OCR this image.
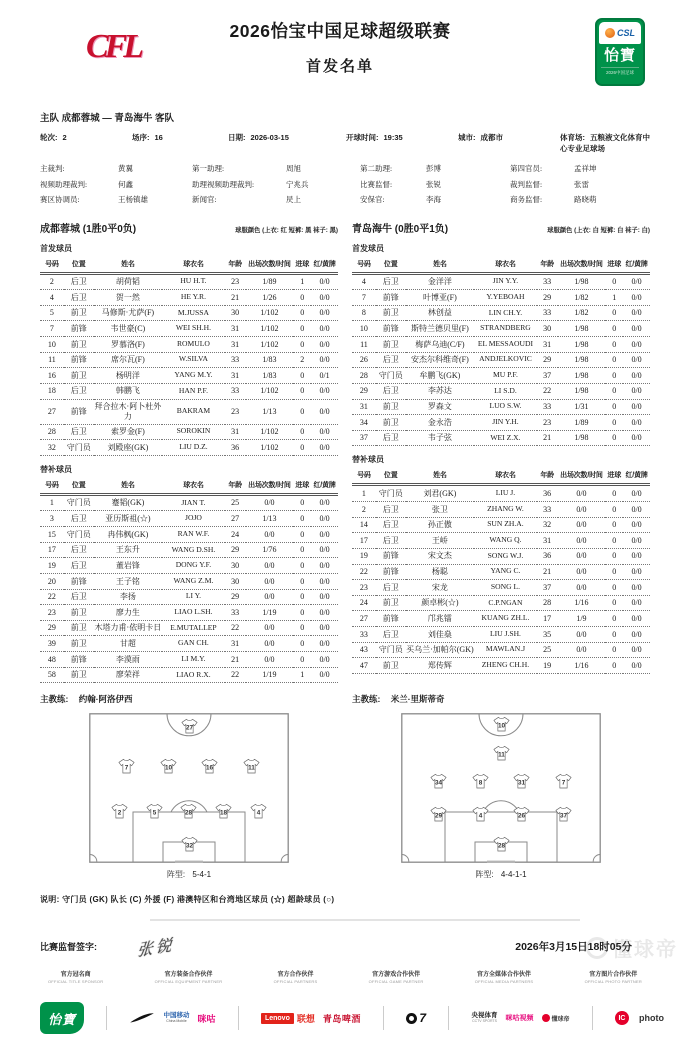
CFL	2026怡宝中国足球超级联赛
首发名单
CSL
怡寶
2026中国足球
主队 成都蓉城 — 青岛海牛 客队
轮次: 2	场序: 16	日期: 2026-03-15	开球时间: 19:35	城市: 成都市	体育场: 五粮液文化体育中心专业足球场
主裁判:	黄翼	第一助理:	周旭	第二助理:	彭博	第四官员:	孟祥坤
视频助理裁判:	何鑫	助理视频助理裁判:	宁兆兵	比赛监督:	张锐	裁判监督:	张雷
赛区协调员:	王杨镇雄	新闻官:	昃上	安保官:	李海	商务监督:	路晓萌
成都蓉城 (1胜0平0负)	球服颜色 (上衣: 红 短裤: 黑 袜子: 黑)
首发球员
号码	位置	姓名	球衣名	年龄	出场次数/时间	进球	红/黄牌
2	后卫	胡荷韬	HU H.T.	23	1/89	1	0/0
4	后卫	贺一然	HE Y.R.	21	1/26	0	0/0
5	前卫	马修斯·尤萨(F)	M.JUSSA	30	1/102	0	0/0
7	前锋	韦世豪(C)	WEI SH.H.	31	1/102	0	0/0
10	前卫	罗慕洛(F)	ROMULO	31	1/102	0	0/0
11	前锋	席尔瓦(F)	W.SILVA	33	1/83	2	0/0
16	前卫	杨明洋	YANG M.Y.	31	1/83	0	0/1
18	后卫	韩鹏飞	HAN P.F.	33	1/102	0	0/0
27	前锋	拜合拉木·阿卜杜外力	BAKRAM	23	1/13	0	0/0
28	后卫	索罗金(F)	SOROKIN	31	1/102	0	0/0
32	守门员	刘殿座(GK)	LIU D.Z.	36	1/102	0	0/0
替补球员
号码	位置	姓名	球衣名	年龄	出场次数/时间	进球	红/黄牌
1	守门员	蹇韬(GK)	JIAN T.	25	0/0	0	0/0
3	后卫	亚历斯祖(☆)	JOJO	27	1/13	0	0/0
15	守门员	冉伟枫(GK)	RAN W.F.	24	0/0	0	0/0
17	后卫	王东升	WANG D.SH.	29	1/76	0	0/0
19	后卫	董岩锋	DONG Y.F.	30	0/0	0	0/0
20	前锋	王子铭	WANG Z.M.	30	0/0	0	0/0
22	后卫	李扬	LI Y.	29	0/0	0	0/0
23	前卫	廖力生	LIAO L.SH.	33	1/19	0	0/0
29	前卫	木塔力甫·依明卡日	E.MUTALLEP	22	0/0	0	0/0
39	前卫	甘超	GAN CH.	31	0/0	0	0/0
48	前锋	李漠雨	LI M.Y.	21	0/0	0	0/0
58	前卫	廖荣祥	LIAO R.X.	22	1/19	1	0/0
青岛海牛 (0胜0平1负)	球服颜色 (上衣: 白 短裤: 白 袜子: 白)
首发球员
号码	位置	姓名	球衣名	年龄	出场次数/时间	进球	红/黄牌
4	后卫	金洋洋	JIN Y.Y.	33	1/98	0	0/0
7	前锋	叶博亚(F)	Y.YEBOAH	29	1/82	1	0/0
8	前卫	林创益	LIN CH.Y.	33	1/82	0	0/0
10	前锋	斯特兰德贝里(F)	STRANDBERG	30	1/98	0	0/0
11	前卫	梅萨乌迪(C/F)	EL MESSAOUDI	31	1/98	0	0/0
26	后卫	安杰尔科维奇(F)	ANDJELKOVIC	29	1/98	0	0/0
28	守门员	牟鹏飞(GK)	MU P.F.	37	1/98	0	0/0
29	后卫	李苏达	LI S.D.	22	1/98	0	0/0
31	前卫	罗森文	LUO S.W.	33	1/31	0	0/0
34	前卫	金永浩	JIN Y.H.	23	1/89	0	0/0
37	后卫	韦子弦	WEI Z.X.	21	1/98	0	0/0
替补球员
号码	位置	姓名	球衣名	年龄	出场次数/时间	进球	红/黄牌
1	守门员	刘君(GK)	LIU J.	36	0/0	0	0/0
2	后卫	张卫	ZHANG W.	33	0/0	0	0/0
14	后卫	孙正傲	SUN ZH.A.	32	0/0	0	0/0
17	后卫	王峤	WANG Q.	31	0/0	0	0/0
19	前锋	宋文杰	SONG W.J.	36	0/0	0	0/0
22	前锋	杨聪	YANG C.	21	0/0	0	0/0
23	后卫	宋龙	SONG L.	37	0/0	0	0/0
24	前卫	颜卓彬(☆)	C.P.NGAN	28	1/16	0	0/0
27	前锋	邝兆镭	KUANG ZH.L.	17	1/9	0	0/0
33	后卫	刘佳燊	LIU J.SH.	35	0/0	0	0/0
43	守门员	买乌兰·加帕尔(GK)	MAWLAN.J	25	0/0	0	0/0
47	前卫	郑传辉	ZHENG CH.H.	19	1/16	0	0/0
主教练: 约翰·阿洛伊西	主教练: 米兰·里斯蒂奇
27
7	10	16	11
2	5	28	18	4
32
阵型: 5-4-1
10
11
34	8	31	7
29	4	26	37
28
阵型: 4-4-1-1
说明: 守门员 (GK) 队长 (C) 外援 (F) 港澳特区和台湾地区球员 (☆) 超龄球员 (○)
比赛监督签字: 张锐	2026年3月15日18时05分
官方冠名商
OFFICIAL TITLE SPONSOR
官方装备合作伙伴
OFFICIAL EQUIPMENT PARTNER
官方合作伙伴
OFFICIAL PARTNERS
官方游戏合作伙伴
OFFICIAL GAME PARTNER
官方全媒体合作伙伴
OFFICIAL MEDIA PARTNERS
官方图片合作伙伴
OFFICIAL PHOTO PARTNER
怡寶	中国移动
China Mobile 咪咕	Lenovo 联想 青岛啤酒	7	央视体育
CCTV SPORTS 咪咕视频	懂球帝	IC	photo
懂球帝
